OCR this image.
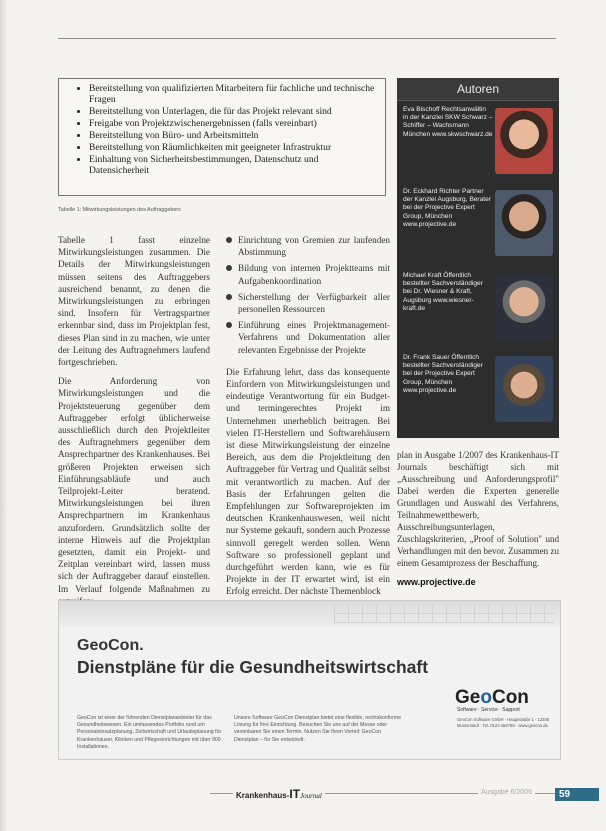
• Bereitstellung von qualifizierten Mitarbeitern für fachliche und technische Fragen
• Bereitstellung von Unterlagen, die für das Projekt relevant sind
• Freigabe von Projektzwischenergebnissen (falls vereinbart)
• Bereitstellung von Büro- und Arbeitsmitteln
• Bereitstellung von Räumlichkeiten mit geeigneter Infrastruktur
• Einhaltung von Sicherheitsbestimmungen, Datenschutz und Datensicherheit
Tabelle 1: Mitwirkungsleistungen des Auftraggebers

Tabelle 1 fasst einzelne Mitwirkungsleistungen zusammen. Die Details der Mitwirkungsleistungen müssen seitens des Auftraggebers ausreichend benannt, zu denen die Mitwirkungsleistungen zu erbringen sind. Insofern für Vertragspartner erkennbar sind, dass im Projektplan fest, dieses Plan sind in zu machen, wie unter der Leitung des Auftragnehmers laufend fortgeschrieben.

Die Anforderung von Mitwirkungsleistungen und die Projektsteuerung gegenüber dem Auftraggeber erfolgt üblicherweise ausschließlich durch den Projektleiter des Auftragnehmers gegenüber dem Ansprechpartner des Krankenhauses. Bei größeren Projekten erweisen sich Einführungsabläufe und auch Teilprojekt-Leiter beratend. Mitwirkungsleistungen bei ihren Ansprechpartnern im Krankenhaus anzufordern. Grundsätzlich sollte der interne Hinweis auf die Projektplan gesetzten, damit ein Projekt- und Zeitplan vereinbart wird, lassen muss sich der Auftraggeber darauf einstellen. Im Verlauf folgende Maßnahmen zu

Einrichtung von Gremien zur laufenden Abstimmung
Bildung von internen Projektteams mit Aufgabenkoordination
Sicherstellung der Verfügbarkeit aller personellen Ressourcen
Einführung eines Projektmanagement-Verfahrens und Dokumentation aller relevanten Ergebnisse der Projekte

Die Erfahrung lehrt, dass das konsequente Einfordern von Mitwirkungsleistungen und eindeutige Verantwortung für ein Budget- und termingerechtes Projekt im Unternehmen unerheblich beitragen. Bei vielen IT-Herstellern und Softwarehäusern ist diese Mitwirkungsleistung der einzelne Bereich, aus dem die Projektleitung den Auftraggeber für Vertrag und Qualität selbst mit verantwortlich zu machen. Auf der Basis der Erfahrungen gelten die Empfehlungen zur Softwareprojekten im deutschen Krankenhauswesen, weil nicht nur Systeme gekauft, sondern auch Prozesse sinnvoll geregelt werden sollen. Wenn Software so professionell geplant und durchgeführt werden kann, wie es für Projekte in der IT erwartet wird, ist ein Erfolg erreicht. Der nächste Themenblock

Autoren
Eva Bischoff Rechtsanwältin in der Kanzlei SKW Schwarz – Schiffer – Wachsmann München www.skwschwarz.de
Dr. Eckhard Richter Partner der Kanzlei Augsburg, Berater bei der Projective Expert Group, München www.projective.de
Michael Kraft Öffentlich bestellter Sachverständiger bei Dr. Wiesner & Kraft, Augsburg www.wiesner-kraft.de
Dr. Frank Sauer Öffentlich bestellter Sachverständiger bei der Projective Expert Group, München www.projective.de

plan in Ausgabe 1/2007 des Krankenhaus-IT Journals beschäftigt sich mit „Ausschreibung und Anforderungsprofil" Dabei werden die Experten generelle Grundlagen und Auswahl des Verfahrens, Teilnahmewettbewerb, Ausschreibungsunterlagen, Zuschlagskriterien, „Proof of Solution" und Verhandlungen mit den bevor. Zusammen zu einem Gesamtprozess der Beschaffung.

www.projective.de
GeoCon.
Dienstpläne für die Gesundheitswirtschaft
GeoCon ist einer der führenden Dienstplananbieter für das Gesundheitswesen. Ein umfassendes Portfolio rund um Personaleinsatzplanung, Zeitwirtschaft und Urlaubsplanung für Krankenhäuser, Kliniken und Pflegeeinrichtungen mit über 900 Installationen.
Unsere Software GeoCon Dienstplan bietet eine flexible, rechtskonforme Lösung für Ihre Einrichtung. Besuchen Sie uns auf der Messe oder vereinbaren Sie einen Termin. Nutzen Sie Ihren Vorteil: GeoCon Dienstplan – für Sie entwickelt.
GeoCon
Software · Service · Support
GeoCon Software GmbH · Hauptstraße 1 · 12345 Musterstadt · Tel. 0123 456789 · www.geocon.de
Krankenhaus-ITJournal	Ausgabe 6/2006	59
